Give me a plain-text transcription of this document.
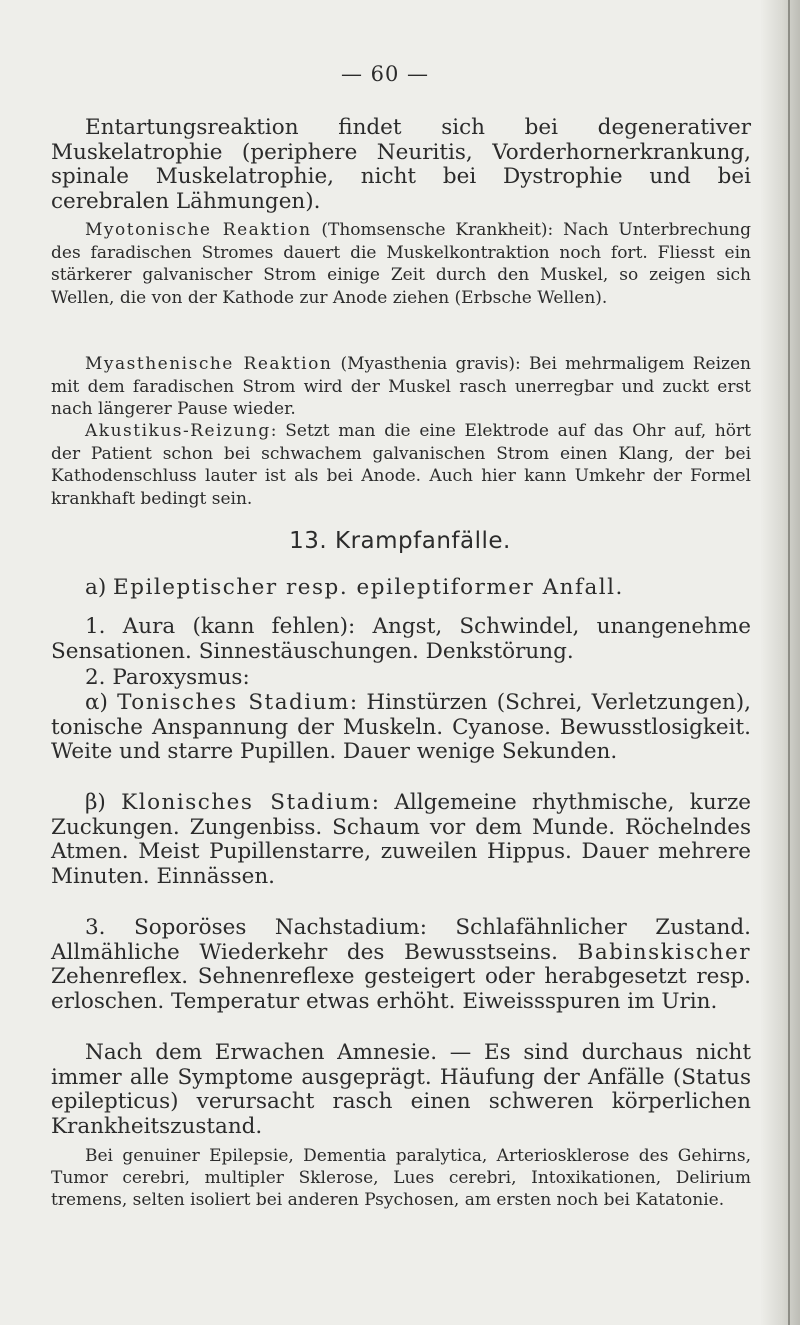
— 60 —

Entartungsreaktion findet sich bei degenerativer Muskelatrophie (periphere Neuritis, Vorderhornerkrankung, spinale Muskelatrophie, nicht bei Dystrophie und bei cerebralen Lähmungen).

Myotonische Reaktion (Thomsensche Krankheit): Nach Unterbrechung des faradischen Stromes dauert die Muskelkontraktion noch fort. Fliesst ein stärkerer galvanischer Strom einige Zeit durch den Muskel, so zeigen sich Wellen, die von der Kathode zur Anode ziehen (Erbsche Wellen).

Myasthenische Reaktion (Myasthenia gravis): Bei mehrmaligem Reizen mit dem faradischen Strom wird der Muskel rasch unerregbar und zuckt erst nach längerer Pause wieder.

Akustikus-Reizung: Setzt man die eine Elektrode auf das Ohr auf, hört der Patient schon bei schwachem galvanischen Strom einen Klang, der bei Kathodenschluss lauter ist als bei Anode. Auch hier kann Umkehr der Formel krankhaft bedingt sein.

13. Krampfanfälle.

a) Epileptischer resp. epileptiformer Anfall.

1. Aura (kann fehlen): Angst, Schwindel, unangenehme Sensationen. Sinnestäuschungen. Denkstörung.

2. Paroxysmus:

α) Tonisches Stadium: Hinstürzen (Schrei, Verletzungen), tonische Anspannung der Muskeln. Cyanose. Bewusstlosigkeit. Weite und starre Pupillen. Dauer wenige Sekunden.

β) Klonisches Stadium: Allgemeine rhythmische, kurze Zuckungen. Zungenbiss. Schaum vor dem Munde. Röchelndes Atmen. Meist Pupillenstarre, zuweilen Hippus. Dauer mehrere Minuten. Einnässen.

3. Soporöses Nachstadium: Schlafähnlicher Zustand. Allmähliche Wiederkehr des Bewusstseins. Babinskischer Zehenreflex. Sehnenreflexe gesteigert oder herabgesetzt resp. erloschen. Temperatur etwas erhöht. Eiweissspuren im Urin.

Nach dem Erwachen Amnesie. — Es sind durchaus nicht immer alle Symptome ausgeprägt. Häufung der Anfälle (Status epilepticus) verursacht rasch einen schweren körperlichen Krankheitszustand.

Bei genuiner Epilepsie, Dementia paralytica, Arteriosklerose des Gehirns, Tumor cerebri, multipler Sklerose, Lues cerebri, Intoxikationen, Delirium tremens, selten isoliert bei anderen Psychosen, am ersten noch bei Katatonie.
